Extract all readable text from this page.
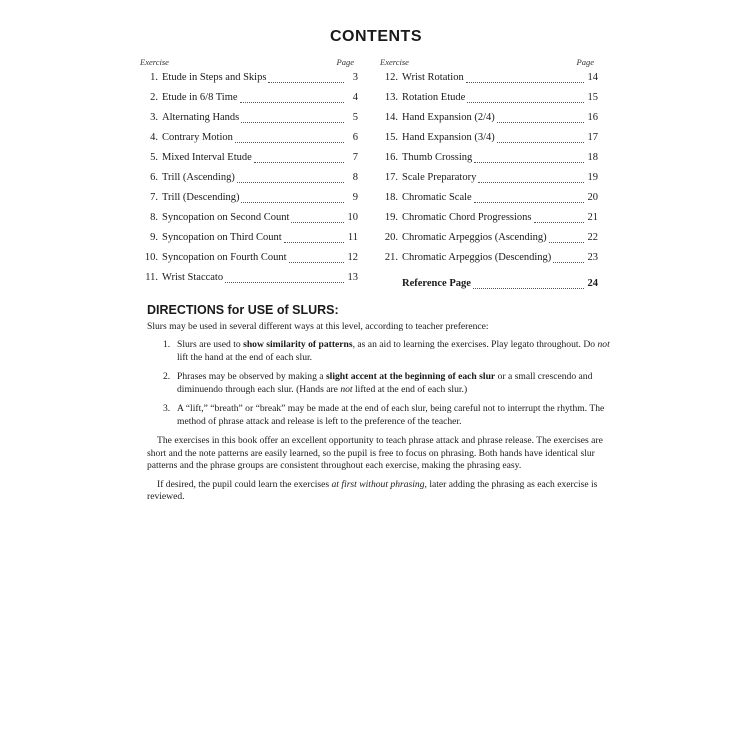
CONTENTS
Exercise	Page
1. Etude in Steps and Skips	3
2. Etude in 6/8 Time	4
3. Alternating Hands	5
4. Contrary Motion	6
5. Mixed Interval Etude	7
6. Trill (Ascending)	8
7. Trill (Descending)	9
8. Syncopation on Second Count	10
9. Syncopation on Third Count	11
10. Syncopation on Fourth Count	12
11. Wrist Staccato	13
Exercise	Page
12. Wrist Rotation	14
13. Rotation Etude	15
14. Hand Expansion (2/4)	16
15. Hand Expansion (3/4)	17
16. Thumb Crossing	18
17. Scale Preparatory	19
18. Chromatic Scale	20
19. Chromatic Chord Progressions	21
20. Chromatic Arpeggios (Ascending)	22
21. Chromatic Arpeggios (Descending)	23
Reference Page	24
DIRECTIONS for USE of SLURS:
Slurs may be used in several different ways at this level, according to teacher preference:
1. Slurs are used to show similarity of patterns, as an aid to learning the exercises. Play legato throughout. Do not lift the hand at the end of each slur.
2. Phrases may be observed by making a slight accent at the beginning of each slur or a small crescendo and diminuendo through each slur. (Hands are not lifted at the end of each slur.)
3. A “lift,” “breath” or “break” may be made at the end of each slur, being careful not to interrupt the rhythm. The method of phrase attack and release is left to the preference of the teacher.
The exercises in this book offer an excellent opportunity to teach phrase attack and phrase release. The exercises are short and the note patterns are easily learned, so the pupil is free to focus on phrasing. Both hands have identical slur patterns and the phrase groups are consistent throughout each exercise, making the phrasing easy.
If desired, the pupil could learn the exercises at first without phrasing, later adding the phrasing as each exercise is reviewed.
